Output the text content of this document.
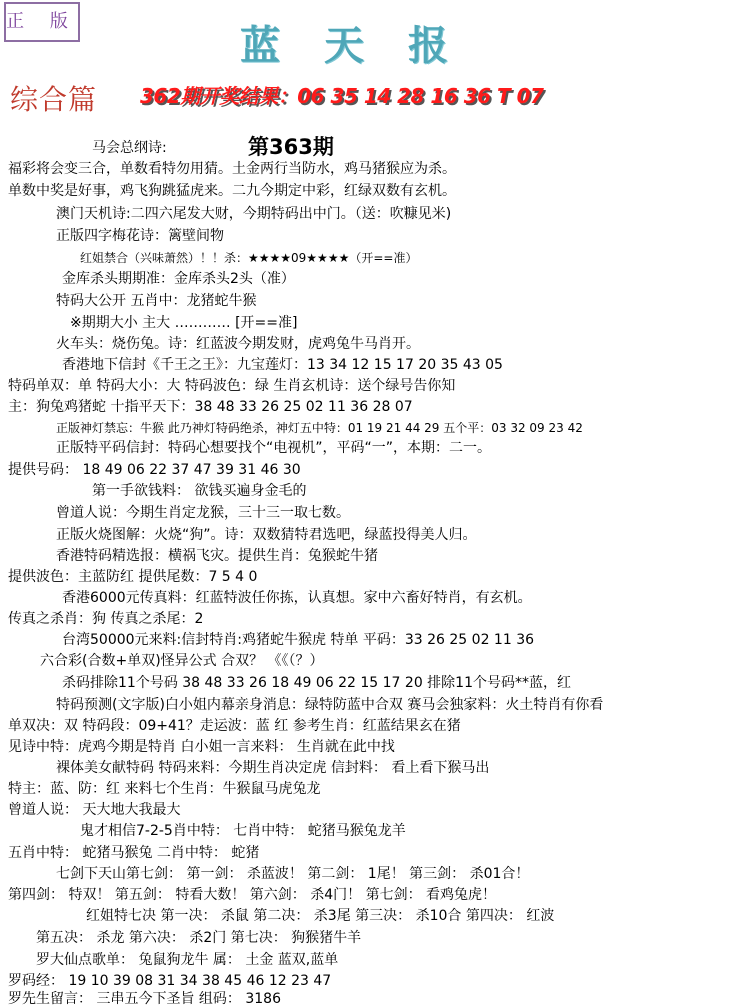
正 版
蓝天报
综合篇 362期开奖结果：06 35 14 28 16 36 T 07
第363期
马会总纲诗:
福彩将会变三合，单数看特勿用猜。土金两行当防水，鸡马猪猴应为杀。
单数中奖是好事，鸡飞狗跳猛虎来。二九今期定中彩，红绿双数有玄机。
澳门天机诗:二四六尾发大财，今期特码出中门。（送：吹糠见米)
正版四字梅花诗：篱壁间物
红姐禁合（兴味萧然）！！杀：★★★★09★★★★（开==准）
金库杀头期期准：金库杀头2头（准）
特码大公开 五肖中：龙猪蛇牛猴
※期期大小 主大 ………… [开==准]
火车头：烧伤兔。诗：红蓝波今期发财，虎鸡兔牛马肖开。
香港地下信封《千王之王》：九宝莲灯：13 34 12 15 17 20 35 43 05
特码单双：单 特码大小：大 特码波色：绿 生肖玄机诗：送个绿号告你知
主：狗兔鸡猪蛇 十指平天下：38 48 33 26 25 02 11 36 28 07
正版神灯禁忘：牛猴 此乃神灯特码绝杀，神灯五中特：01 19 21 44 29 五个平：03 32 09 23 42
正版特平码信封：特码心想要找个“电视机”，平码“一”，本期：二一。
提供号码： 18 49 06 22 37 47 39 31 46 30
第一手欲钱料： 欲钱买遍身金毛的
曾道人说：今期生肖定龙猴，三十三一取七数。
正版火烧图解：火烧“狗”。诗：双数猜特君选吧，绿蓝投得美人归。
香港特码精选报：横祸飞灾。提供生肖：兔猴蛇牛猪
提供波色：主蓝防红 提供尾数：7 5 4 0
香港6000元传真料：红蓝特波任你拣，认真想。家中六畜好特肖，有玄机。
传真之杀肖：狗 传真之杀尾：2
台湾50000元来料:信封特肖:鸡猪蛇牛猴虎 特单 平码：33 26 25 02 11 36
六合彩(合数+单双)怪异公式 合双？ 《《（？）
杀码排除11个号码 38 48 33 26 18 49 06 22 15 17 20 排除11个号码**蓝，红
特码预测(文字版)白小姐内幕亲身消息：绿特防蓝中合双 赛马会独家料：火土特肖有你看
单双决：双 特码段：09+41？走运波：蓝 红 参考生肖：红蓝结果玄在猪
见诗中特：虎鸡今期是特肖 白小姐一言来料： 生肖就在此中找
裸体美女献特码 特码来料：今期生肖决定虎 信封料： 看上看下猴马出
特主：蓝、防：红 来料七个生肖：牛猴鼠马虎兔龙
曾道人说： 天大地大我最大
鬼才相信7-2-5肖中特： 七肖中特： 蛇猪马猴兔龙羊
五肖中特： 蛇猪马猴兔 二肖中特： 蛇猪
七剑下天山第七剑： 第一剑： 杀蓝波！ 第二剑： 1尾！ 第三剑： 杀01合！
第四剑： 特双！ 第五剑： 特看大数！ 第六剑： 杀4门！ 第七剑： 看鸡兔虎！
红姐特七决 第一决： 杀鼠 第二决： 杀3尾 第三决： 杀10合 第四决： 红波
第五决： 杀龙 第六决： 杀2门 第七决： 狗猴猪牛羊
罗大仙点歌单： 兔鼠狗龙牛 属： 土金 蓝双,蓝单
罗码经： 19 10 39 08 31 34 38 45 46 12 23 47
罗先生留言： 三串五今下圣旨 组码： 3186
